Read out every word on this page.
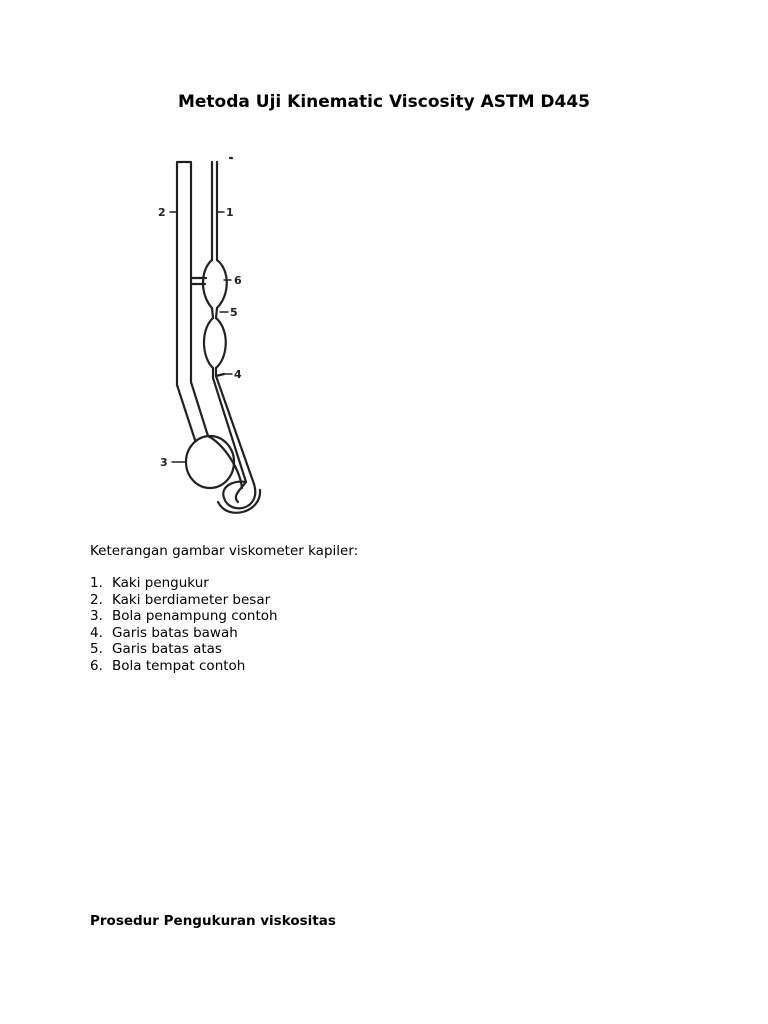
Metoda Uji Kinematic Viscosity ASTM D445
1
2
3
4
5
6

Keterangan gambar viskometer kapiler:

1. Kaki pengukur
2. Kaki berdiameter besar
3. Bola penampung contoh
4. Garis batas bawah
5. Garis batas atas
6. Bola tempat contoh

Prosedur Pengukuran viskositas
